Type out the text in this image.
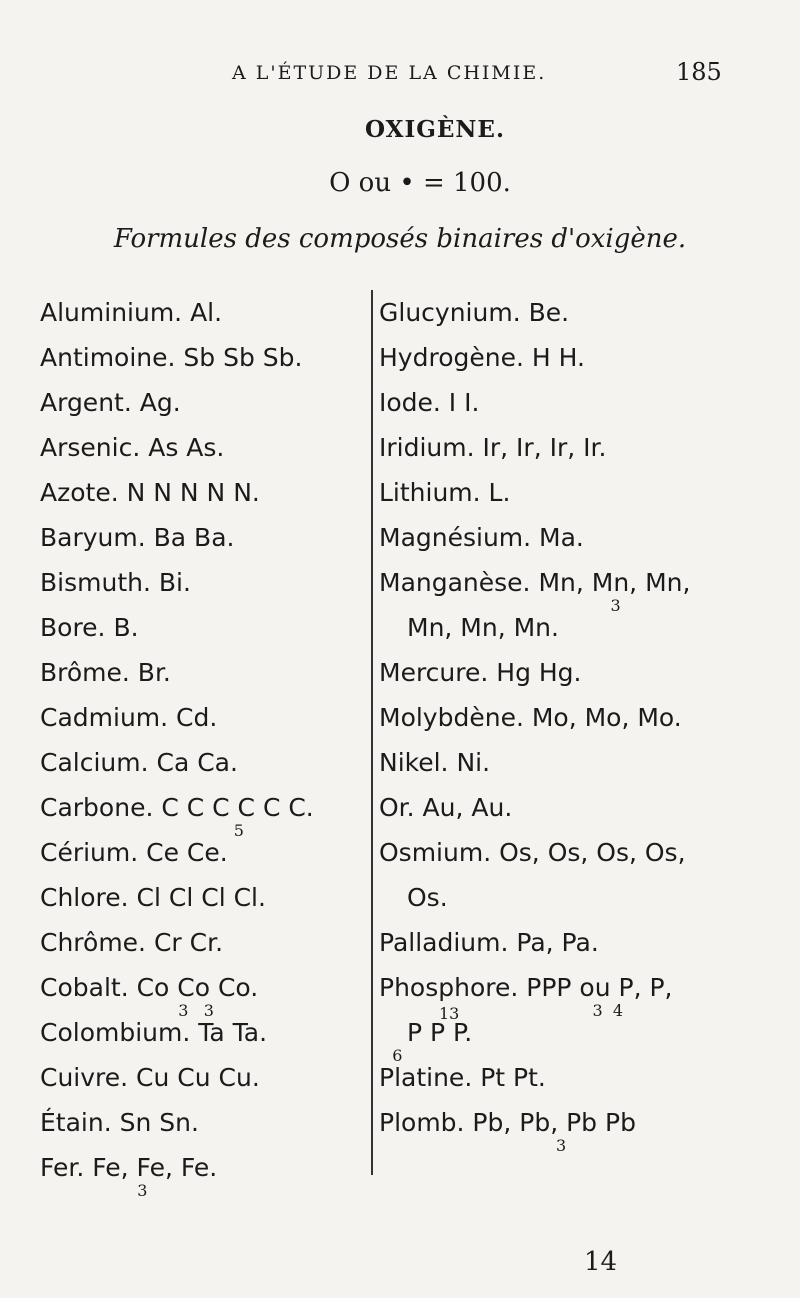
A L'ÉTUDE DE LA CHIMIE.	185
OXIGÈNE.
O ou • = 100.
Formules des composés binaires d'oxigène.
Aluminium. Al.
Antimoine. Sb Sb Sb.
Argent. Ag.
Arsenic. As As.
Azote. N N N N N.
Baryum. Ba Ba.
Bismuth. Bi.
Bore. B.
Brôme. Br.
Cadmium. Cd.
Calcium. Ca Ca.
Carbone. C C C C C C.
5
Cérium. Ce Ce.
Chlore. Cl Cl Cl Cl.
Chrôme. Cr Cr.
Cobalt. Co Co Co.
3   3
Colombium. Ta Ta.
Cuivre. Cu Cu Cu.
Étain. Sn Sn.
Fer. Fe, Fe, Fe.
3
Glucynium. Be.
Hydrogène. H H.
Iode. I I.
Iridium. Ir, Ir, Ir, Ir.
Lithium. L.
Magnésium. Ma.
Manganèse. Mn, Mn, Mn,
3
Mn, Mn, Mn.
Mercure. Hg Hg.
Molybdène. Mo, Mo, Mo.
Nikel. Ni.
Or. Au, Au.
Osmium. Os, Os, Os, Os,
Os.
Palladium. Pa, Pa.
Phosphore. PPP ou P, P,
3  4
P P P.
13
6
Platine. Pt Pt.
Plomb. Pb, Pb, Pb Pb
3
14
